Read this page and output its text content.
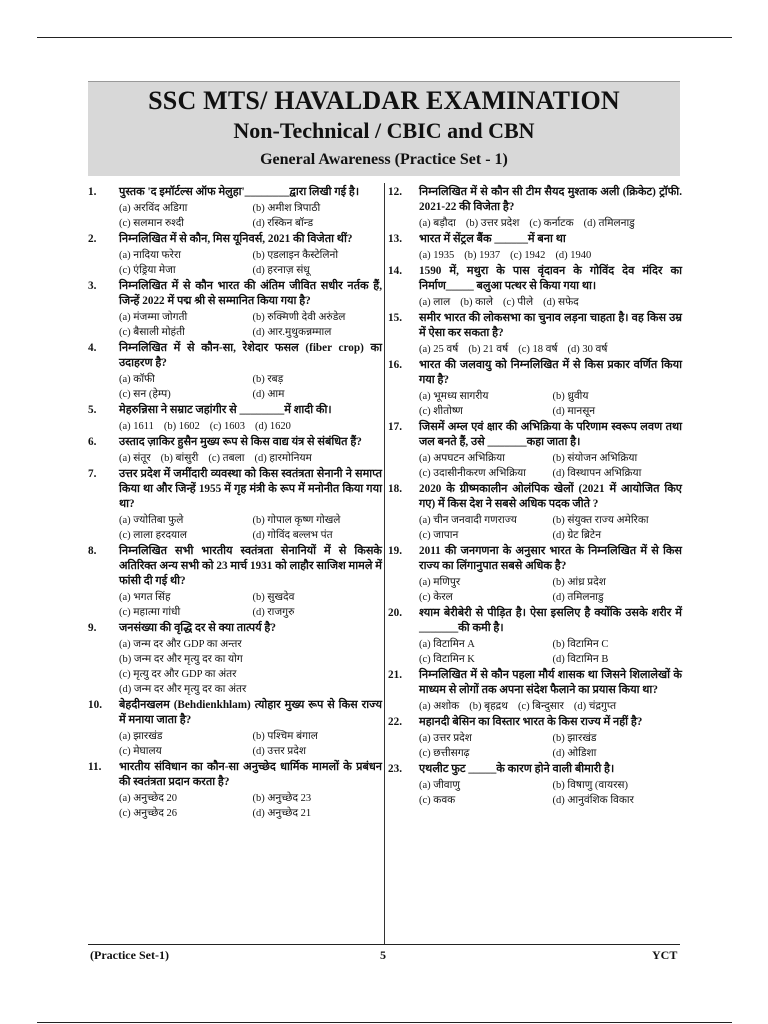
SSC MTS/ HAVALDAR EXAMINATION
Non-Technical / CBIC and CBN
General Awareness (Practice Set - 1)
1. पुस्तक 'द इमॉर्टल्स ऑफ मेलुहा'________द्वारा लिखी गई है।
(a) अरविंद अडिगा	(b) अमीश त्रिपाठी
(c) सलमान रुश्दी	(d) रस्किन बॉन्ड
2. निम्नलिखित में से कौन, मिस यूनिवर्स, 2021 की विजेता थीं?
(a) नादिया फरेरा	(b) एडलाइन कैस्टेलिनो
(c) एंड्रिया मेजा	(d) हरनाज़ संधू
3. निम्नलिखित में से कौन भारत की अंतिम जीवित सधीर नर्तक हैं, जिन्हें 2022 में पद्म श्री से सम्मानित किया गया है?
(a) मंजम्मा जोगती	(b) रुक्मिणी देवी अरुंडेल
(c) बैसाली मोहंती	(d) आर.मुथुकन्नम्माल
4. निम्नलिखित में से कौन-सा, रेशेदार फसल (fiber crop) का उदाहरण है?
(a) कॉफी	(b) रबड़
(c) सन (हेम्प)	(d) आम
5. मेहरुन्निसा ने सम्राट जहांगीर से ________में शादी की।
(a) 1611 (b) 1602 (c) 1603 (d) 1620
6. उस्ताद ज़ाकिर हुसैन मुख्य रूप से किस वाद्य यंत्र से संबंधित हैं?
(a) संतूर (b) बांसुरी (c) तबला (d) हारमोनियम
7. उत्तर प्रदेश में जमींदारी व्यवस्था को किस स्वतंत्रता सेनानी ने समाप्त किया था और जिन्हें 1955 में गृह मंत्री के रूप में मनोनीत किया गया था?
(a) ज्योतिबा फुले	(b) गोपाल कृष्ण गोखले
(c) लाला हरदयाल	(d) गोविंद बल्लभ पंत
8. निम्नलिखित सभी भारतीय स्वतंत्रता सेनानियों में से किसके अतिरिक्त अन्य सभी को 23 मार्च 1931 को लाहौर साजिश मामले में फांसी दी गई थी?
(a) भगत सिंह	(b) सुखदेव
(c) महात्मा गांधी	(d) राजगुरु
9. जनसंख्या की वृद्धि दर से क्या तात्पर्य है?
(a) जन्म दर और GDP का अन्तर
(b) जन्म दर और मृत्यु दर का योग
(c) मृत्यु दर और GDP का अंतर
(d) जन्म दर और मृत्यु दर का अंतर
10. बेहदीनखलम (Behdienkhlam) त्योहार मुख्य रूप से किस राज्य में मनाया जाता है?
(a) झारखंड	(b) पश्चिम बंगाल
(c) मेघालय	(d) उत्तर प्रदेश
11. भारतीय संविधान का कौन-सा अनुच्छेद धार्मिक मामलों के प्रबंधन की स्वतंत्रता प्रदान करता है?
(a) अनुच्छेद 20	(b) अनुच्छेद 23
(c) अनुच्छेद 26	(d) अनुच्छेद 21
12. निम्नलिखित में से कौन सी टीम सैयद मुश्ताक अली (क्रिकेट) ट्रॉफी. 2021-22 की विजेता है?
(a) बड़ौदा (b) उत्तर प्रदेश (c) कर्नाटक (d) तमिलनाडु
13. भारत में सेंट्रल बैंक ______में बना था
(a) 1935 (b) 1937 (c) 1942 (d) 1940
14. 1590 में, मथुरा के पास वृंदावन के गोविंद देव मंदिर का निर्माण_____ बलुआ पत्थर से किया गया था।
(a) लाल (b) काले (c) पीले (d) सफेद
15. समीर भारत की लोकसभा का चुनाव लड़ना चाहता है। वह किस उम्र में ऐसा कर सकता है?
(a) 25 वर्ष (b) 21 वर्ष (c) 18 वर्ष (d) 30 वर्ष
16. भारत की जलवायु को निम्नलिखित में से किस प्रकार वर्णित किया गया है?
(a) भूमध्य सागरीय	(b) ध्रुवीय
(c) शीतोष्ण	(d) मानसून
17. जिसमें अम्ल एवं क्षार की अभिक्रिया के परिणाम स्वरूप लवण तथा जल बनते हैं, उसे _______कहा जाता है।
(a) अपघटन अभिक्रिया	(b) संयोजन अभिक्रिया
(c) उदासीनीकरण अभिक्रिया	(d) विस्थापन अभिक्रिया
18. 2020 के ग्रीष्मकालीन ओलंपिक खेलों (2021 में आयोजित किए गए) में किस देश ने सबसे अधिक पदक जीते ?
(a) चीन जनवादी गणराज्य	(b) संयुक्त राज्य अमेरिका
(c) जापान	(d) ग्रेट ब्रिटेन
19. 2011 की जनगणना के अनुसार भारत के निम्नलिखित में से किस राज्य का लिंगानुपात सबसे अधिक है?
(a) मणिपुर	(b) आंध्र प्रदेश
(c) केरल	(d) तमिलनाडु
20. श्याम बेरीबेरी से पीड़ित है। ऐसा इसलिए है क्योंकि उसके शरीर में _______की कमी है।
(a) विटामिन A	(b) विटामिन C
(c) विटामिन K	(d) विटामिन B
21. निम्नलिखित में से कौन पहला मौर्य शासक था जिसने शिलालेखों के माध्यम से लोगों तक अपना संदेश फैलाने का प्रयास किया था?
(a) अशोक (b) बृहद्रथ (c) बिन्दुसार (d) चंद्रगुप्त
22. महानदी बेसिन का विस्तार भारत के किस राज्य में नहीं है?
(a) उत्तर प्रदेश	(b) झारखंड
(c) छत्तीसगढ़	(d) ओडिशा
23. एथलीट फुट _____के कारण होने वाली बीमारी है।
(a) जीवाणु	(b) विषाणु (वायरस)
(c) कवक	(d) आनुवंशिक विकार
(Practice Set-1)	5	YCT
